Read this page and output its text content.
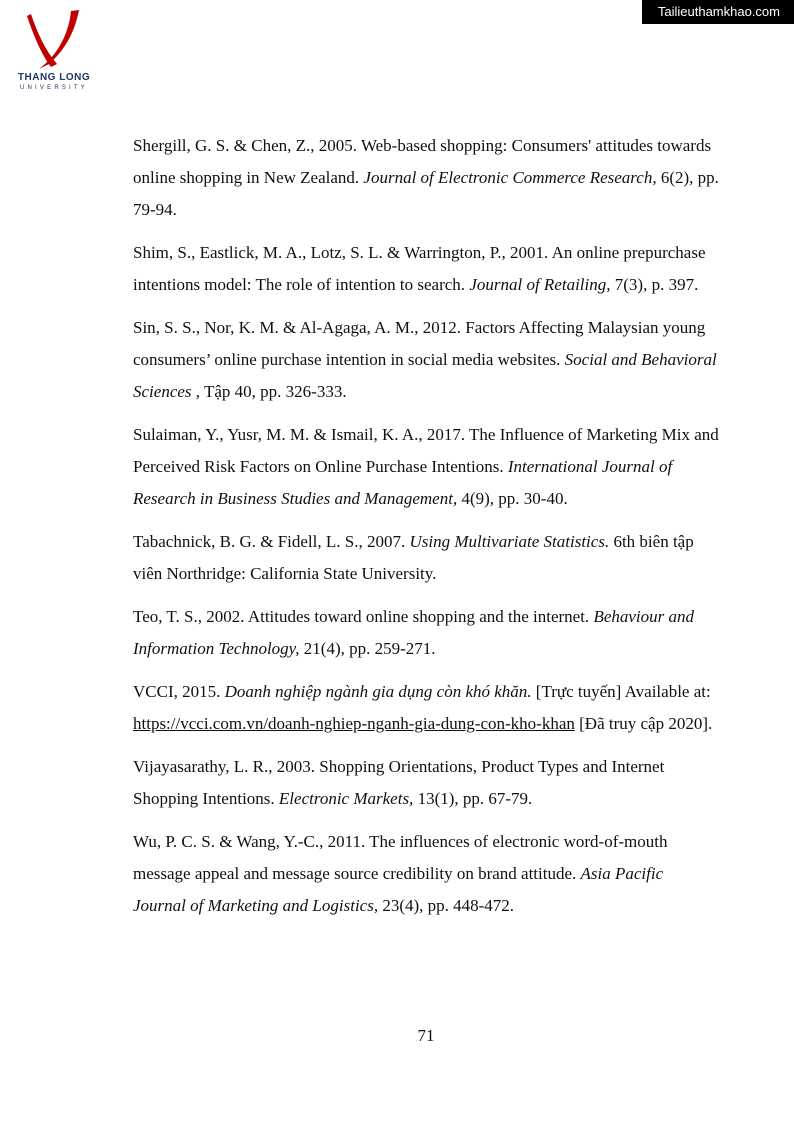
Tailieuthamkhao.com
THANG LONG
UNIVERSITY

Shergill, G. S. & Chen, Z., 2005. Web-based shopping: Consumers' attitudes towards online shopping in New Zealand. Journal of Electronic Commerce Research, 6(2), pp. 79-94.

Shim, S., Eastlick, M. A., Lotz, S. L. & Warrington, P., 2001. An online prepurchase intentions model: The role of intention to search. Journal of Retailing, 7(3), p. 397.

Sin, S. S., Nor, K. M. & Al-Agaga, A. M., 2012. Factors Affecting Malaysian young consumers’ online purchase intention in social media websites. Social and Behavioral Sciences , Tập 40, pp. 326-333.

Sulaiman, Y., Yusr, M. M. & Ismail, K. A., 2017. The Influence of Marketing Mix and Perceived Risk Factors on Online Purchase Intentions. International Journal of Research in Business Studies and Management, 4(9), pp. 30-40.

Tabachnick, B. G. & Fidell, L. S., 2007. Using Multivariate Statistics. 6th biên tập viên Northridge: California State University.

Teo, T. S., 2002. Attitudes toward online shopping and the internet. Behaviour and Information Technology, 21(4), pp. 259-271.

VCCI, 2015. Doanh nghiệp ngành gia dụng còn khó khăn. [Trực tuyến] Available at: https://vcci.com.vn/doanh-nghiep-nganh-gia-dung-con-kho-khan [Đã truy cập 2020].

Vijayasarathy, L. R., 2003. Shopping Orientations, Product Types and Internet Shopping Intentions. Electronic Markets, 13(1), pp. 67-79.

Wu, P. C. S. & Wang, Y.-C., 2011. The influences of electronic word-of-mouth message appeal and message source credibility on brand attitude. Asia Pacific Journal of Marketing and Logistics, 23(4), pp. 448-472.

71
